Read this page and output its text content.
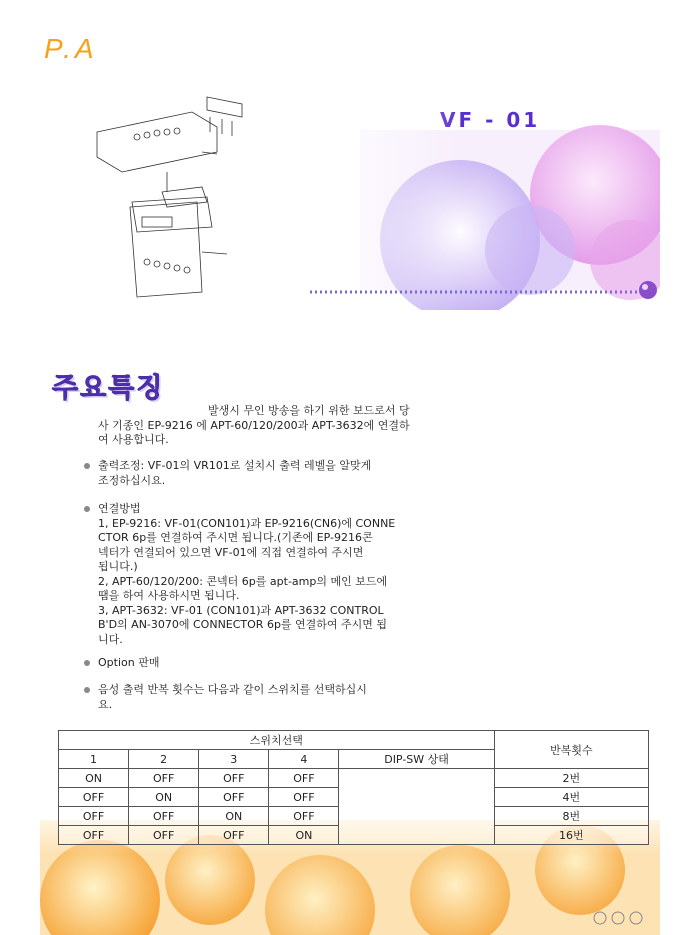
P.A
주요특징
발생시 무인 방송을 하기 위한 보드로서 당사 기종인 EP-9216 에 APT-60/120/200과 APT-3632에 연결하여 사용합니다.
출력조정: VF-01의 VR101로 설치시 출력 레벨을 알맞게
조정하십시요.
연결방법
1, EP-9216: VF-01(CON101)과 EP-9216(CN6)에 CONNE
CTOR 6p를 연결하여 주시면 됩니다.(기존에 EP-9216콘
넥터가 연결되어 있으면 VF-01에 직접 연결하여 주시면
됩니다.)
2, APT-60/120/200: 콘넥터 6p를 apt-amp의 메인 보드에
땜을 하여 사용하시면 됩니다.
3, APT-3632: VF-01 (CON101)과 APT-3632 CONTROL
B'D의 AN-3070에 CONNECTOR 6p를 연결하여 주시면 됩
니다.
Option 판매
음성 출력 반복 횟수는 다음과 같이 스위치를 선택하십시
요.
스위치선택					반복횟수
1	2	3	4	DIP-SW 상태	
ON	OFF	OFF	OFF		2번
OFF	ON	OFF	OFF		4번
OFF	OFF	ON	OFF		8번
OFF	OFF	OFF	ON		16번
